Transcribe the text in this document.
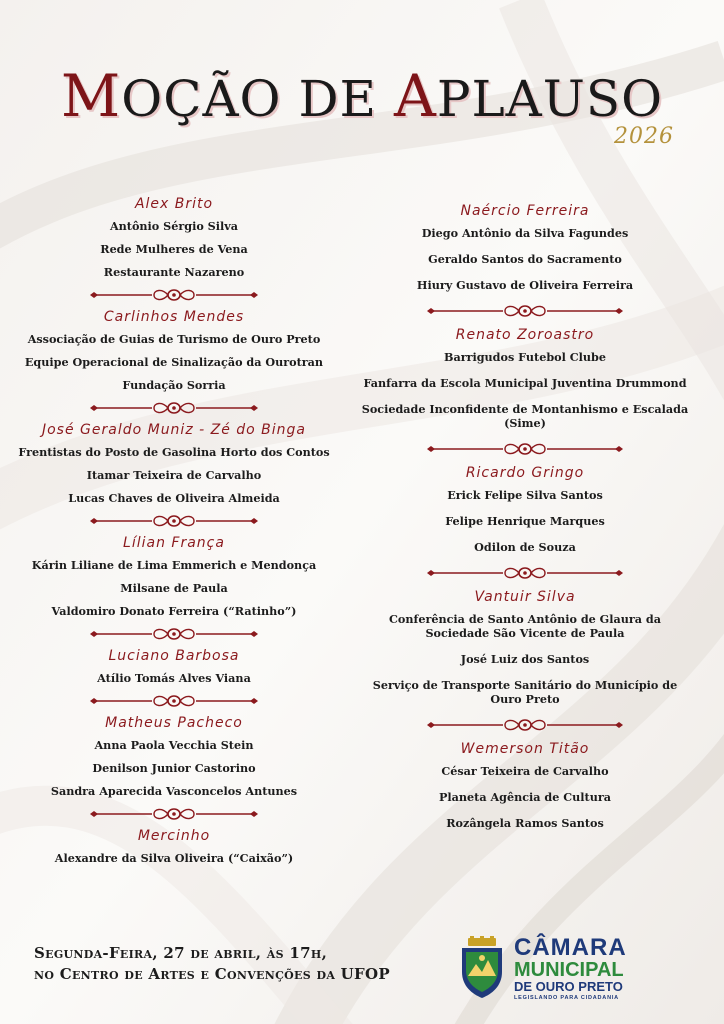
MOÇÃO DE APLAUSO
2026
Alex Brito
Antônio Sérgio Silva
Rede Mulheres de Vena
Restaurante Nazareno
Carlinhos Mendes
Associação de Guias de Turismo de Ouro Preto
Equipe Operacional de Sinalização da Ourotran
Fundação Sorria
José Geraldo Muniz - Zé do Binga
Frentistas do Posto de Gasolina Horto dos Contos
Itamar Teixeira de Carvalho
Lucas Chaves de Oliveira Almeida
Lílian França
Kárin Liliane de Lima Emmerich e Mendonça
Milsane de Paula
Valdomiro Donato Ferreira (“Ratinho”)
Luciano Barbosa
Atílio Tomás Alves Viana
Matheus Pacheco
Anna Paola Vecchia Stein
Denilson Junior Castorino
Sandra Aparecida Vasconcelos Antunes
Mercinho
Alexandre da Silva Oliveira (“Caixão”)
Naércio Ferreira
Diego Antônio da Silva Fagundes
Geraldo Santos do Sacramento
Hiury Gustavo de Oliveira Ferreira
Renato Zoroastro
Barrigudos Futebol Clube
Fanfarra da Escola Municipal Juventina Drummond
Sociedade Inconfidente de Montanhismo e Escalada (Sime)
Ricardo Gringo
Erick Felipe Silva Santos
Felipe Henrique Marques
Odilon de Souza
Vantuir Silva
Conferência de Santo Antônio de Glaura da Sociedade São Vicente de Paula
José Luiz dos Santos
Serviço de Transporte Sanitário do Município de Ouro Preto
Wemerson Titão
César Teixeira de Carvalho
Planeta Agência de Cultura
Rozângela Ramos Santos
Segunda-Feira, 27 de abril, às 17h,
no Centro de Artes e Convenções da UFOP
CÂMARA
MUNICIPAL
DE OURO PRETO
LEGISLANDO PARA CIDADANIA
